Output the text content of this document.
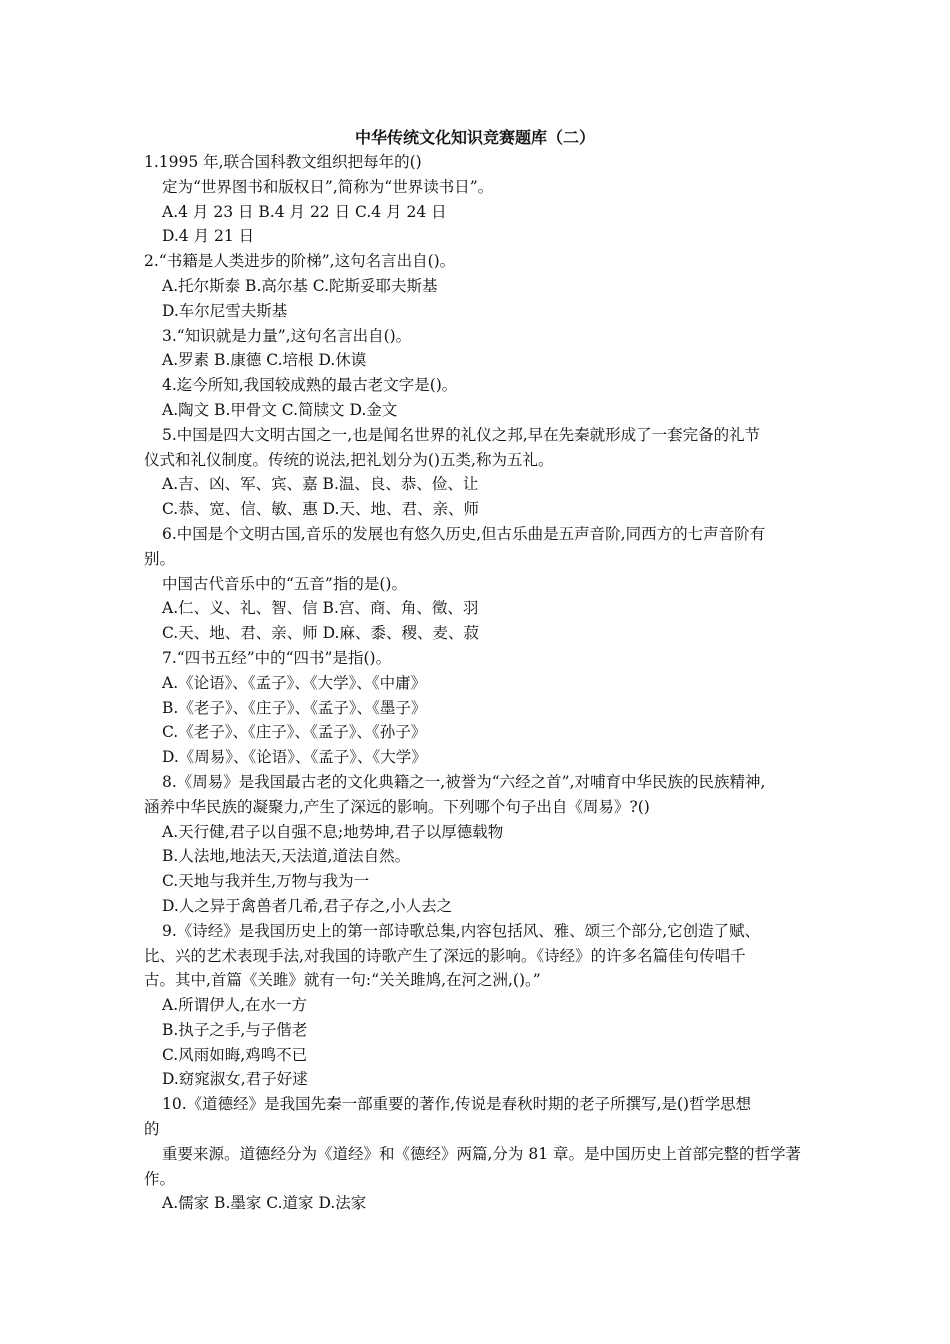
中华传统文化知识竞赛题库（二）
1.1995 年,联合国科教文组织把每年的()
定为“世界图书和版权日”,简称为“世界读书日”。
A.4 月 23 日 B.4 月 22 日 C.4 月 24 日
D.4 月 21 日
2.“书籍是人类进步的阶梯”,这句名言出自()。
A.托尔斯泰 B.高尔基 C.陀斯妥耶夫斯基
D.车尔尼雪夫斯基
3.“知识就是力量”,这句名言出自()。
A.罗素 B.康德 C.培根 D.休谟
4.迄今所知,我国较成熟的最古老文字是()。
A.陶文 B.甲骨文 C.简牍文 D.金文
5.中国是四大文明古国之一,也是闻名世界的礼仪之邦,早在先秦就形成了一套完备的礼节
仪式和礼仪制度。传统的说法,把礼划分为()五类,称为五礼。
A.吉、凶、军、宾、嘉 B.温、良、恭、俭、让
C.恭、宽、信、敏、惠 D.天、地、君、亲、师
6.中国是个文明古国,音乐的发展也有悠久历史,但古乐曲是五声音阶,同西方的七声音阶有
别。
中国古代音乐中的“五音”指的是()。
A.仁、义、礼、智、信 B.宫、商、角、徵、羽
C.天、地、君、亲、师 D.麻、黍、稷、麦、菽
7.“四书五经”中的“四书”是指()。
A.《论语》、《孟子》、《大学》、《中庸》
B.《老子》、《庄子》、《孟子》、《墨子》
C.《老子》、《庄子》、《孟子》、《孙子》
D.《周易》、《论语》、《孟子》、《大学》
8.《周易》是我国最古老的文化典籍之一,被誉为“六经之首”,对哺育中华民族的民族精神,
涵养中华民族的凝聚力,产生了深远的影响。下列哪个句子出自《周易》?()
A.天行健,君子以自强不息;地势坤,君子以厚德载物
B.人法地,地法天,天法道,道法自然。
C.天地与我并生,万物与我为一
D.人之异于禽兽者几希,君子存之,小人去之
9.《诗经》是我国历史上的第一部诗歌总集,内容包括风、雅、颂三个部分,它创造了赋、
比、兴的艺术表现手法,对我国的诗歌产生了深远的影响。《诗经》的许多名篇佳句传唱千
古。其中,首篇《关雎》就有一句:“关关雎鸠,在河之洲,()。”
A.所谓伊人,在水一方
B.执子之手,与子偕老
C.风雨如晦,鸡鸣不已
D.窈窕淑女,君子好逑
10.《道德经》是我国先秦一部重要的著作,传说是春秋时期的老子所撰写,是()哲学思想
的
重要来源。道德经分为《道经》和《德经》两篇,分为 81 章。是中国历史上首部完整的哲学著
作。
A.儒家 B.墨家 C.道家 D.法家
